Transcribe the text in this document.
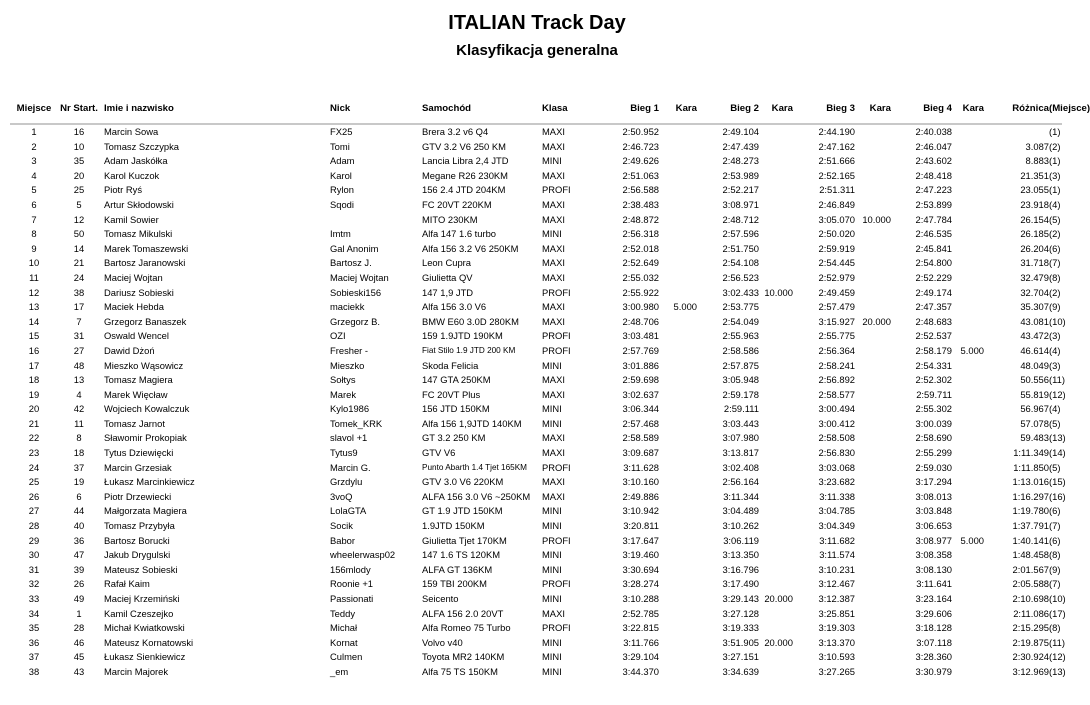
ITALIAN Track Day
Klasyfikacja generalna
Miejsce	Nr Start.	Imie i nazwisko	Nick	Samochód	Klasa	Bieg 1	Kara	Bieg 2	Kara	Bieg 3	Kara	Bieg 4	Kara	Różnica	(Miejsce)

1	16	Marcin Sowa	FX25	Brera 3.2 v6 Q4	MAXI	2:50.952		2:49.104		2:44.190		2:40.038			(1)
2	10	Tomasz Szczypka	Tomi	GTV 3.2 V6 250 KM	MAXI	2:46.723		2:47.439		2:47.162		2:46.047		3.087	(2)
3	35	Adam Jaskółka	Adam	Lancia Libra 2,4 JTD	MINI	2:49.626		2:48.273		2:51.666		2:43.602		8.883	(1)
4	20	Karol Kuczok	Karol	Megane R26 230KM	MAXI	2:51.063		2:53.989		2:52.165		2:48.418		21.351	(3)
5	25	Piotr Ryś	Rylon	156 2.4 JTD 204KM	PROFI	2:56.588		2:52.217		2:51.311		2:47.223		23.055	(1)
6	5	Artur Skłodowski	Sqodi	FC 20VT 220KM	MAXI	2:38.483		3:08.971		2:46.849		2:53.899		23.918	(4)
7	12	Kamil Sowier		MITO 230KM	MAXI	2:48.872		2:48.712		3:05.070	10.000	2:47.784		26.154	(5)
8	50	Tomasz Mikulski	Imtm	Alfa 147 1.6 turbo	MINI	2:56.318		2:57.596		2:50.020		2:46.535		26.185	(2)
9	14	Marek Tomaszewski	Gal Anonim	Alfa 156 3.2 V6 250KM	MAXI	2:52.018		2:51.750		2:59.919		2:45.841		26.204	(6)
10	21	Bartosz Jaranowski	Bartosz J.	Leon Cupra	MAXI	2:52.649		2:54.108		2:54.445		2:54.800		31.718	(7)
11	24	Maciej Wojtan	Maciej Wojtan	Giulietta QV	MAXI	2:55.032		2:56.523		2:52.979		2:52.229		32.479	(8)
12	38	Dariusz Sobieski	Sobieski156	147 1,9 JTD	PROFI	2:55.922		3:02.433	10.000	2:49.459		2:49.174		32.704	(2)
13	17	Maciek Hebda	maciekk	Alfa 156 3.0 V6	MAXI	3:00.980	5.000	2:53.775		2:57.479		2:47.357		35.307	(9)
14	7	Grzegorz Banaszek	Grzegorz B.	BMW E60 3.0D 280KM	MAXI	2:48.706		2:54.049		3:15.927	20.000	2:48.683		43.081	(10)
15	31	Oswald Wencel	OZI	159 1.9JTD 190KM	PROFI	3:03.481		2:55.963		2:55.775		2:52.537		43.472	(3)
16	27	Dawid Dżoń	Fresher -	Fiat Stilo 1.9 JTD 200 KM	PROFI	2:57.769		2:58.586		2:56.364		2:58.179	5.000	46.614	(4)
17	48	Mieszko Wąsowicz	Mieszko	Skoda Felicia	MINI	3:01.886		2:57.875		2:58.241		2:54.331		48.049	(3)
18	13	Tomasz Magiera	Sołtys	147 GTA 250KM	MAXI	2:59.698		3:05.948		2:56.892		2:52.302		50.556	(11)
19	4	Marek Więcław	Marek	FC 20VT Plus	MAXI	3:02.637		2:59.178		2:58.577		2:59.711		55.819	(12)
20	42	Wojciech Kowalczuk	Kylo1986	156 JTD 150KM	MINI	3:06.344		2:59.111		3:00.494		2:55.302		56.967	(4)
21	11	Tomasz Jarnot	Tomek_KRK	Alfa 156 1,9JTD 140KM	MINI	2:57.468		3:03.443		3:00.412		3:00.039		57.078	(5)
22	8	Sławomir Prokopiak	slavol +1	GT 3.2 250 KM	MAXI	2:58.589		3:07.980		2:58.508		2:58.690		59.483	(13)
23	18	Tytus Dziewięcki	Tytus9	GTV V6	MAXI	3:09.687		3:13.817		2:56.830		2:55.299		1:11.349	(14)
24	37	Marcin Grzesiak	Marcin G.	Punto Abarth 1.4 Tjet 165KM	PROFI	3:11.628		3:02.408		3:03.068		2:59.030		1:11.850	(5)
25	19	Łukasz Marcinkiewicz	Grzdylu	GTV 3.0 V6 220KM	MAXI	3:10.160		2:56.164		3:23.682		3:17.294		1:13.016	(15)
26	6	Piotr Drzewiecki	3voQ	ALFA 156 3.0 V6 ~250KM	MAXI	2:49.886		3:11.344		3:11.338		3:08.013		1:16.297	(16)
27	44	Małgorzata Magiera	LolaGTA	GT 1.9 JTD 150KM	MINI	3:10.942		3:04.489		3:04.785		3:03.848		1:19.780	(6)
28	40	Tomasz Przybyła	Socik	1.9JTD 150KM	MINI	3:20.811		3:10.262		3:04.349		3:06.653		1:37.791	(7)
29	36	Bartosz Borucki	Babor	Giulietta Tjet 170KM	PROFI	3:17.647		3:06.119		3:11.682		3:08.977	5.000	1:40.141	(6)
30	47	Jakub Drygulski	wheelerwasp02	147 1.6 TS 120KM	MINI	3:19.460		3:13.350		3:11.574		3:08.358		1:48.458	(8)
31	39	Mateusz Sobieski	156mlody	ALFA GT 136KM	MINI	3:30.694		3:16.796		3:10.231		3:08.130		2:01.567	(9)
32	26	Rafał Kaim	Roonie +1	159 TBI 200KM	PROFI	3:28.274		3:17.490		3:12.467		3:11.641		2:05.588	(7)
33	49	Maciej Krzemiński	Passionati	Seicento	MINI	3:10.288		3:29.143	20.000	3:12.387		3:23.164		2:10.698	(10)
34	1	Kamil Czeszejko	Teddy	ALFA 156 2.0 20VT	MAXI	2:52.785		3:27.128		3:25.851		3:29.606		2:11.086	(17)
35	28	Michał Kwiatkowski	Michał	Alfa Romeo 75 Turbo	PROFI	3:22.815		3:19.333		3:19.303		3:18.128		2:15.295	(8)
36	46	Mateusz Kornatowski	Kornat	Volvo v40	MINI	3:11.766		3:51.905	20.000	3:13.370		3:07.118		2:19.875	(11)
37	45	Łukasz Sienkiewicz	Culmen	Toyota MR2 140KM	MINI	3:29.104		3:27.151		3:10.593		3:28.360		2:30.924	(12)
38	43	Marcin Majorek	_em	Alfa 75 TS 150KM	MINI	3:44.370		3:34.639		3:27.265		3:30.979		3:12.969	(13)
